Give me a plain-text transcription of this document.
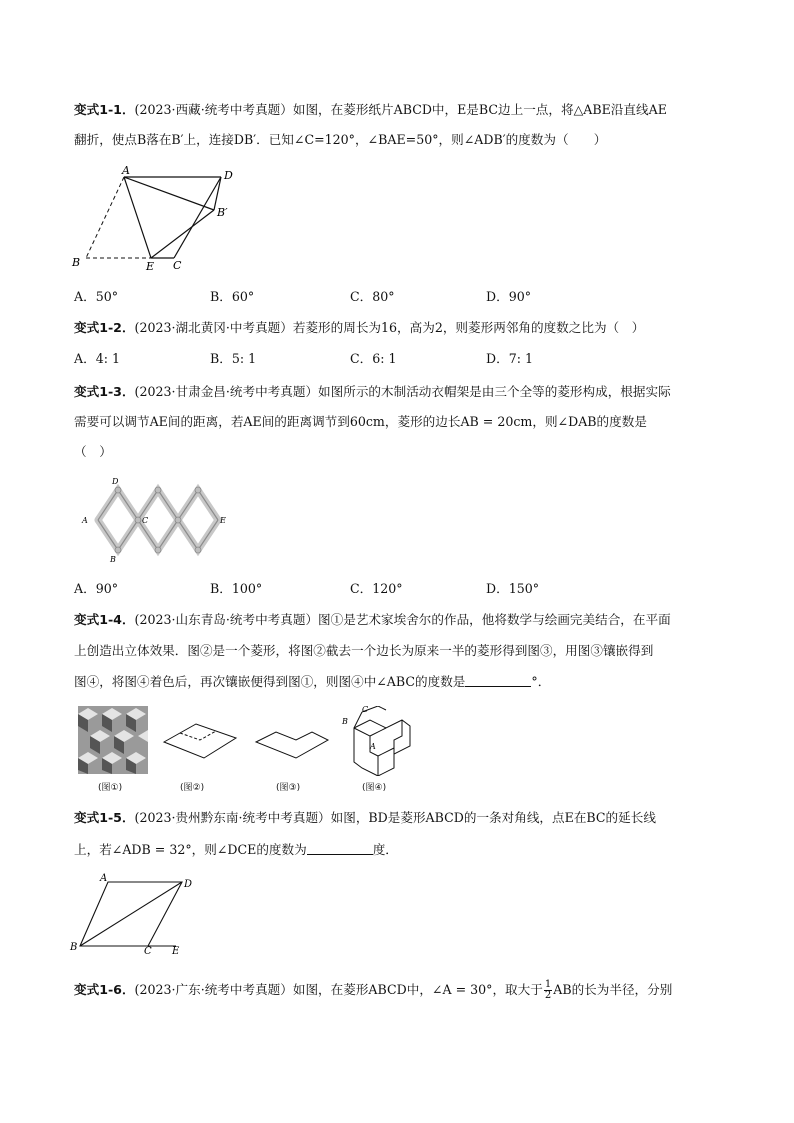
变式1-1．(2023·西藏·统考中考真题）如图，在菱形纸片ABCD中，E是BC边上一点，将△ABE沿直线AE
翻折，使点B落在B′上，连接DB′．已知∠C=120°，∠BAE=50°，则∠ADB′的度数为（　　）
A	D
B′
B	E C
A．50°	B．60°	C．80°	D．90°
变式1-2．(2023·湖北黄冈·中考真题）若菱形的周长为16，高为2，则菱形两邻角的度数之比为（　）
A．4: 1	B．5: 1	C．6: 1	D．7: 1
变式1-3．(2023·甘肃金昌·统考中考真题）如图所示的木制活动衣帽架是由三个全等的菱形构成，根据实际
需要可以调节AE间的距离，若AE间的距离调节到60cm，菱形的边长AB = 20cm，则∠DAB的度数是
（　）
D
A	C	E
B
A．90°	B．100°	C．120°	D．150°
变式1-4．(2023·山东青岛·统考中考真题）图①是艺术家埃舍尔的作品，他将数学与绘画完美结合，在平面
上创造出立体效果．图②是一个菱形，将图②截去一个边长为原来一半的菱形得到图③，用图③镶嵌得到
图④，将图④着色后，再次镶嵌便得到图①，则图④中∠ABC的度数是	°．
(图①)	(图②)	(图③)
B
C
A
(图④)
变式1-5．(2023·贵州黔东南·统考中考真题）如图，BD是菱形ABCD的一条对角线，点E在BC的延长线
上，若∠ADB = 32°，则∠DCE的度数为	度．
A
D
B	C E
变式1-6．(2023·广东·统考中考真题）如图，在菱形ABCD中，∠A = 30°，取大于 $\frac{1}{2}$ AB的长为半径，分别
